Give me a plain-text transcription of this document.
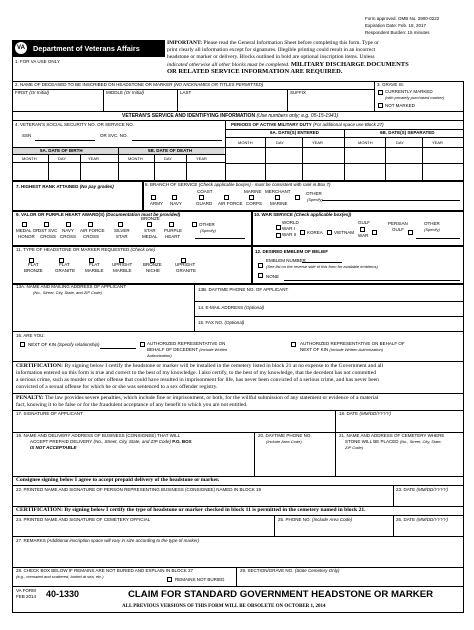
Form approved. OMB No. 2900-0222
Expiration Date: Feb. 18, 2017
Respondent Burden: 15 minutes
VA Department of Veterans Affairs
IMPORTANT: Please read the General Information Sheet before completing this form. Type or
print clearly all information except for signatures. Illegible printing could result in an incorrect
headstone or marker or delivery. Blocks outlined in bold are optional inscription items. Unless
indicated otherwise all other blocks must be completed. MILITARY DISCHARGE DOCUMENTS
OR RELATED SERVICE INFORMATION ARE REQUIRED.
1. FOR VA USE ONLY
2. NAME OF DECEASED TO BE INSCRIBED ON HEADSTONE OR MARKER (NO NICKNAMES OR TITLES PERMITTED)
FIRST (Or Initial)	MIDDLE (Or Initial)	LAST	SUFFIX
3. GRAVE IS:
CURRENTLY MARKED
(with privately purchased marker)
NOT MARKED
VETERAN'S SERVICE AND IDENTIFYING INFORMATION (Use numbers only; e.g. 05-15-1941)
4. VETERAN'S SOCIAL SECURITY NO. OR SERVICE NO.
SSN	OR SVC. NO.
5A. DATE OF BIRTH	5B. DATE OF DEATH
MONTH	DAY	YEAR	MONTH	DAY	YEAR
PERIODS OF ACTIVE MILITARY DUTY (For additional space use Block 27)
6A. DATE(S) ENTERED	6B. DATE(S) SEPARATED
MONTH	DAY	YEAR	MONTH	DAY	YEAR
7. HIGHEST RANK ATTAINED (No pay grades)	8. BRANCH OF SERVICE (Check applicable box(es) - must be consistent with rank in Box 7)
ARMY NAVY
COAST
GUARD AIR FORCE
MARINE
CORPS
MERCHANT
MARINE
OTHER
(Specify)
9. VALOR OR PURPLE HEART AWARD(S) (Documentation must be provided)
MEDAL OF
HONOR
DST SVC
CROSS
NAVY
CROSS
AIR FORCE
CROSS
SILVER
STAR
BRONZE
STAR
MEDAL
PURPLE
HEART
OTHER
(Specify)
10. WAR SERVICE (Check applicable box(es))
WORLD
WAR I
WAR II KOREA VIETNAM
GULF
WAR
PERSIAN
GULF
OTHER
(Specify)
11. TYPE OF HEADSTONE OR MARKER REQUESTED (Check one)
FLAT
BRONZE
FLAT
GRANITE
FLAT
MARBLE
UPRIGHT
MARBLE
BRONZE
NICHE
UPRIGHT
GRANITE
12. DESIRED EMBLEM OF BELIEF
EMBLEM NUMBER
(See list on the reverse side of this form for available emblems)
NONE
13A. NAME AND MAILING ADDRESS OF APPLICANT
(No., Street, City, State, and ZIP Code)
13B. DAYTIME PHONE NO. OF APPLICANT
14. E-MAIL ADDRESS (Optional)
15. FAX NO. (Optional)
16. ARE YOU:
NEXT OF KIN (Specify relationship)	AUTHORIZED REPRESENTATIVE ON
BEHALF OF DECEDENT (Include Written
Authorization)
AUTHORIZED REPRESENTATIVE ON BEHALF OF
NEXT OF KIN (Include Written Authorization)
CERTIFICATION: By signing below I certify the headstone or marker will be installed in the cemetery listed in block 21 at no expense to the Government and all
information entered on this form is true and correct to the best of my knowledge. I also certify, to the best of my knowledge, that the decedent has not committed
a serious crime, such as murder or other offense that could have resulted in imprisonment for life, has never been convicted of a serious crime, and has never been
convicted of a sexual offense for which he or she was sentenced to a sex offender registry.
PENALTY: The law provides severe penalties, which include fine or imprisonment, or both, for the willful submission of any statement or evidence of a material
fact, knowing it to be false or for the fraudulent acceptance of any benefit to which you are not entitled.
17. SIGNATURE OF APPLICANT	18. DATE (MM/DD/YYYY)
19. NAME AND DELIVERY ADDRESS OF BUSINESS (CONSIGNEE) THAT WILL
ACCEPT PREPAID DELIVERY (No., Street, City, State, and ZIP Code) P.O. BOX
IS NOT ACCEPTABLE
20. DAYTIME PHONE NO.
(Include Area Code)
21. NAME AND ADDRESS OF CEMETERY WHERE
STONE WILL BE PLACED (No., Street, City, State,
ZIP Code)
Consignee signing below I agree to accept prepaid delivery of the headstone or marker.
22. PRINTED NAME AND SIGNATURE OF PERSON REPRESENTING BUSINESS (CONSIGNEE) NAMED IN BLOCK 19	23. DATE (MM/DD/YYYY)
CERTIFICATION: By signing below I certify the type of headstone or marker checked in block 11 is permitted in the cemetery named in block 21.
24. PRINTED NAME AND SIGNATURE OF CEMETERY OFFICIAL	25. PHONE NO. (Include Area Code)	26. DATE (MM/DD/YYYY)
27. REMARKS (Additional inscription space will vary in size according to the type of marker)
28. CHECK BOX BELOW IF REMAINS ARE NOT BURIED AND EXPLAIN IN BLOCK 27
(e.g., cremated and scattered, buried at sea, etc.)
REMAINS NOT BURIED
29. SECTION/GRAVE NO. (State Cemetery Only)
VA FORM
FEB 2014 40-1330	CLAIM FOR STANDARD GOVERNMENT HEADSTONE OR MARKER
ALL PREVIOUS VERSIONS OF THIS FORM WILL BE OBSOLETE ON OCTOBER 1, 2014
